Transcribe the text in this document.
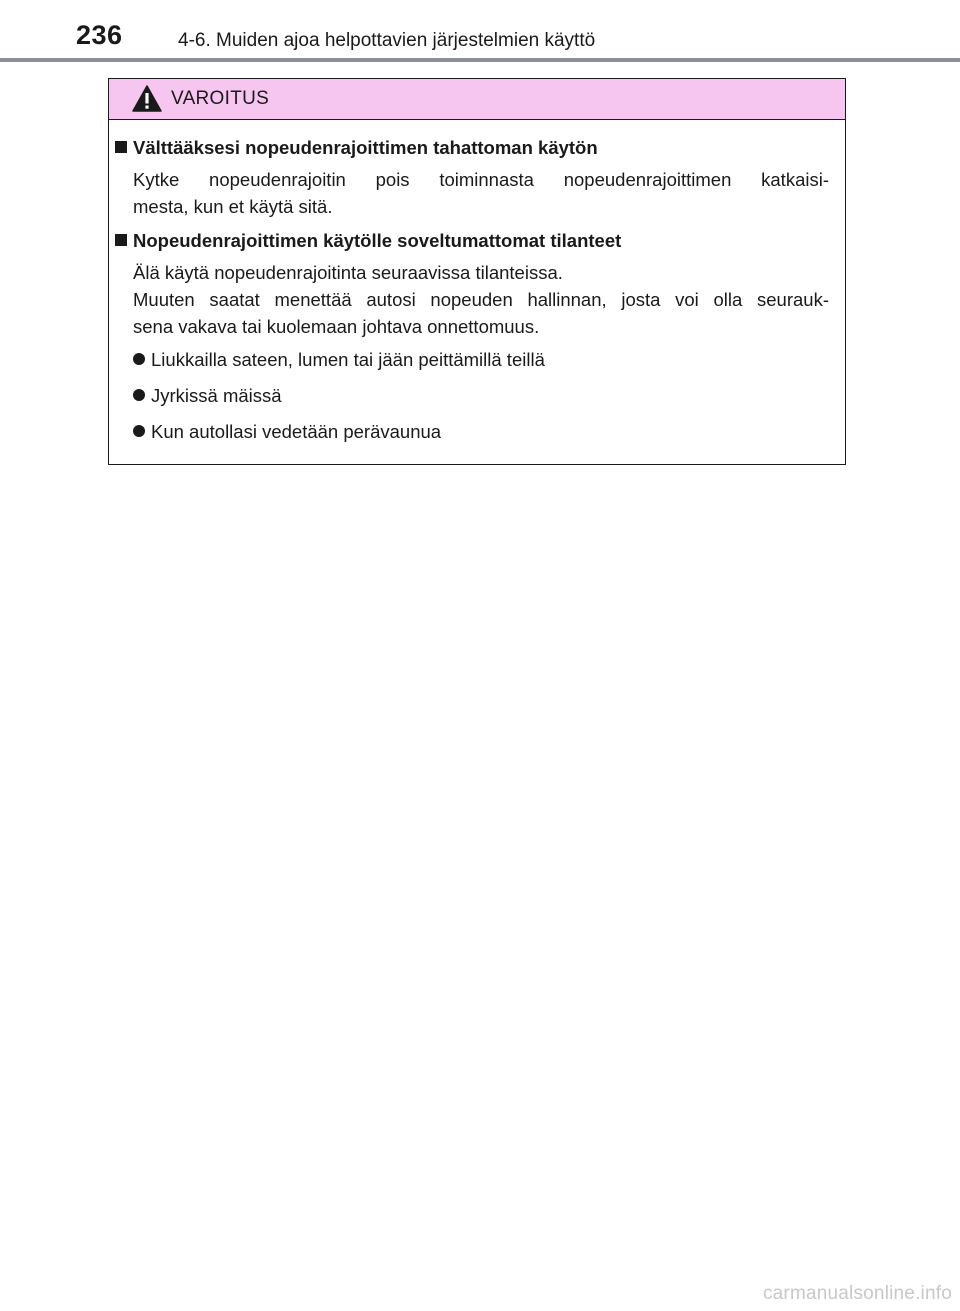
236	4-6. Muiden ajoa helpottavien järjestelmien käyttö
VAROITUS
Välttääksesi nopeudenrajoittimen tahattoman käytön
Kytke nopeudenrajoitin pois toiminnasta nopeudenrajoittimen katkaisi-
mesta, kun et käytä sitä.
Nopeudenrajoittimen käytölle soveltumattomat tilanteet
Älä käytä nopeudenrajoitinta seuraavissa tilanteissa.
Muuten saatat menettää autosi nopeuden hallinnan, josta voi olla seurauk-
sena vakava tai kuolemaan johtava onnettomuus.
Liukkailla sateen, lumen tai jään peittämillä teillä
Jyrkissä mäissä
Kun autollasi vedetään perävaunua
carmanualsonline.info
